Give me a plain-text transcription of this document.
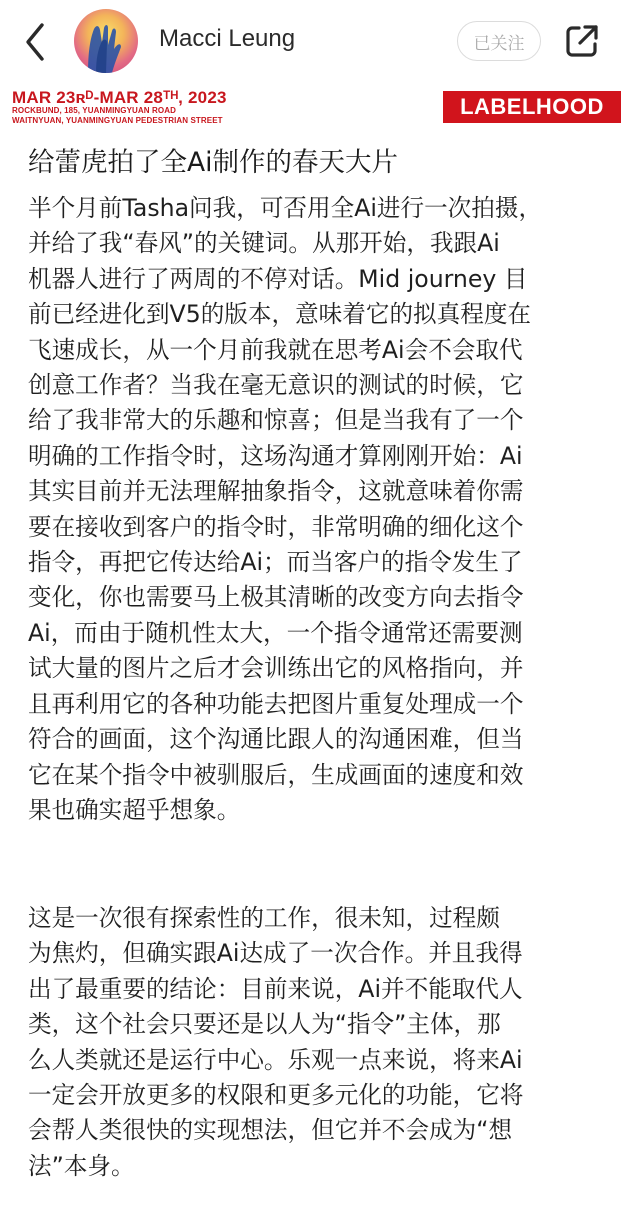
Macci Leung	已关注
MAR 23ʀᴰ-MAR 28ᵀᴴ, 2023
ROCKBUND, 185, YUANMINGYUAN ROAD
WAITNYUAN, YUANMINGYUAN PEDESTRIAN STREET
LABELHOOD
给蕾虎拍了全Ai制作的春天大片
半个月前Tasha问我，可否用全Ai进行一次拍摄，
并给了我“春风”的关键词。从那开始，我跟Ai
机器人进行了两周的不停对话。Mid journey 目
前已经进化到V5的版本，意味着它的拟真程度在
飞速成长，从一个月前我就在思考Ai会不会取代
创意工作者？当我在毫无意识的测试的时候，它
给了我非常大的乐趣和惊喜；但是当我有了一个
明确的工作指令时，这场沟通才算刚刚开始：Ai
其实目前并无法理解抽象指令，这就意味着你需
要在接收到客户的指令时，非常明确的细化这个
指令，再把它传达给Ai；而当客户的指令发生了
变化，你也需要马上极其清晰的改变方向去指令
Ai，而由于随机性太大，一个指令通常还需要测
试大量的图片之后才会训练出它的风格指向，并
且再利用它的各种功能去把图片重复处理成一个
符合的画面，这个沟通比跟人的沟通困难，但当
它在某个指令中被驯服后，生成画面的速度和效
果也确实超乎想象。
这是一次很有探索性的工作，很未知，过程颇
为焦灼，但确实跟Ai达成了一次合作。并且我得
出了最重要的结论：目前来说，Ai并不能取代人
类，这个社会只要还是以人为“指令”主体，那
么人类就还是运行中心。乐观一点来说，将来Ai
一定会开放更多的权限和更多元化的功能，它将
会帮人类很快的实现想法，但它并不会成为“想
法”本身。
